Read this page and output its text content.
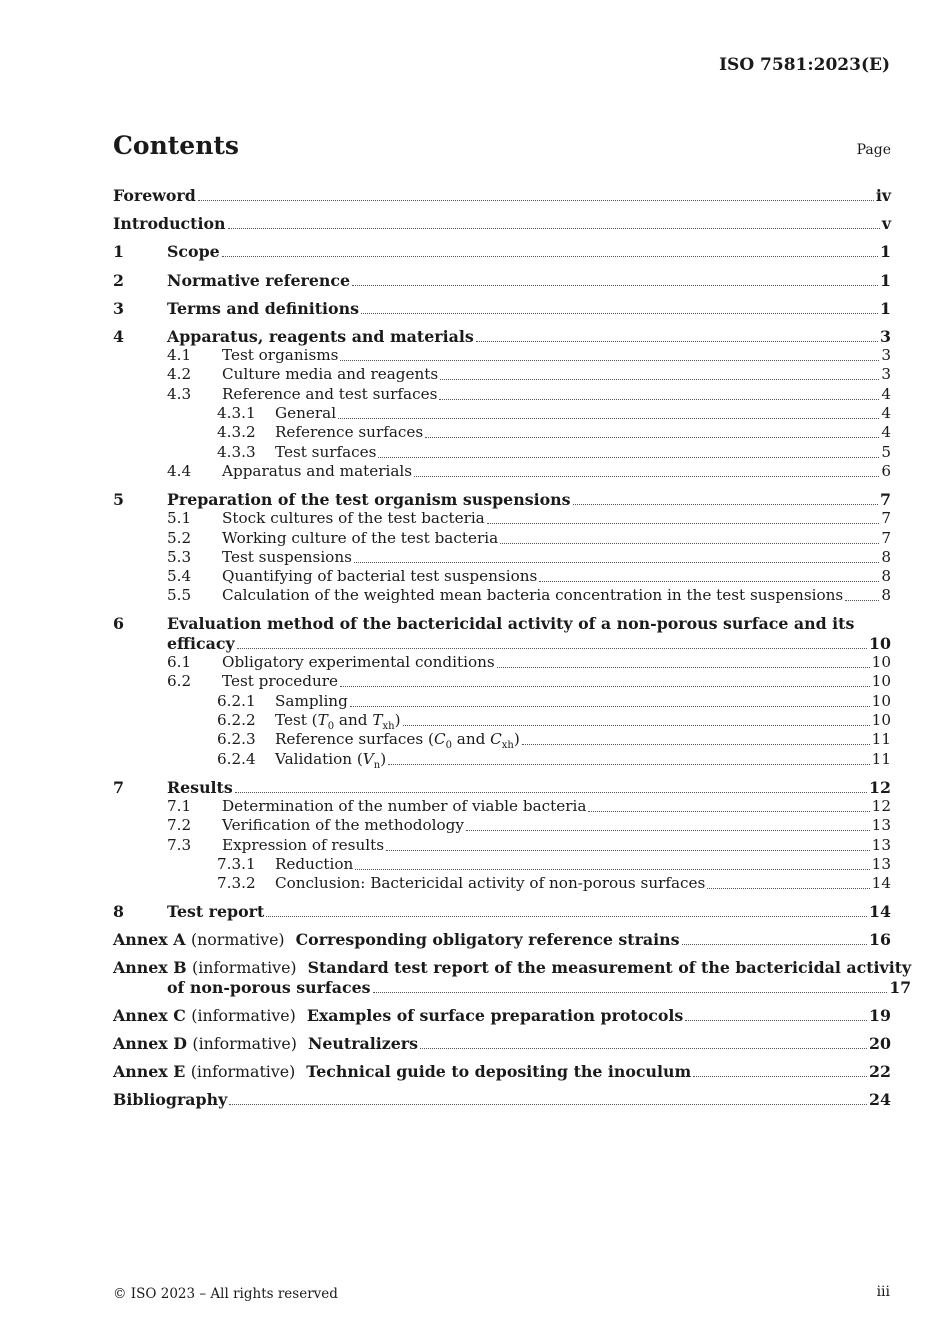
ISO 7581:2023(E)
Contents	Page
Foreword	iv
Introduction	v
1	Scope	1
2	Normative reference	1
3	Terms and definitions	1
4	Apparatus, reagents and materials	3
4.1	Test organisms	3
4.2	Culture media and reagents	3
4.3	Reference and test surfaces	4
4.3.1	General	4
4.3.2	Reference surfaces	4
4.3.3	Test surfaces	5
4.4	Apparatus and materials	6
5	Preparation of the test organism suspensions	7
5.1	Stock cultures of the test bacteria	7
5.2	Working culture of the test bacteria	7
5.3	Test suspensions	8
5.4	Quantifying of bacterial test suspensions	8
5.5	Calculation of the weighted mean bacteria concentration in the test suspensions	8
6	Evaluation method of the bactericidal activity of a non-porous surface and its
efficacy	10
6.1	Obligatory experimental conditions	10
6.2	Test procedure	10
6.2.1	Sampling	10
6.2.2	Test ($T_0$ and $T_{xh}$)	10
6.2.3	Reference surfaces ($C_0$ and $C_{xh}$)	11
6.2.4	Validation $(V_n)$	11
7	Results	12
7.1	Determination of the number of viable bacteria	12
7.2	Verification of the methodology	13
7.3	Expression of results	13
7.3.1	Reduction	13
7.3.2	Conclusion: Bactericidal activity of non-porous surfaces	14
8	Test report	14
Annex A (normative) Corresponding obligatory reference strains	16
Annex B (informative) Standard test report of the measurement of the bactericidal activity
of non-porous surfaces	17
Annex C (informative) Examples of surface preparation protocols	19
Annex D (informative) Neutralizers	20
Annex E (informative) Technical guide to depositing the inoculum	22
Bibliography	24
© ISO 2023 – All rights reserved	iii
